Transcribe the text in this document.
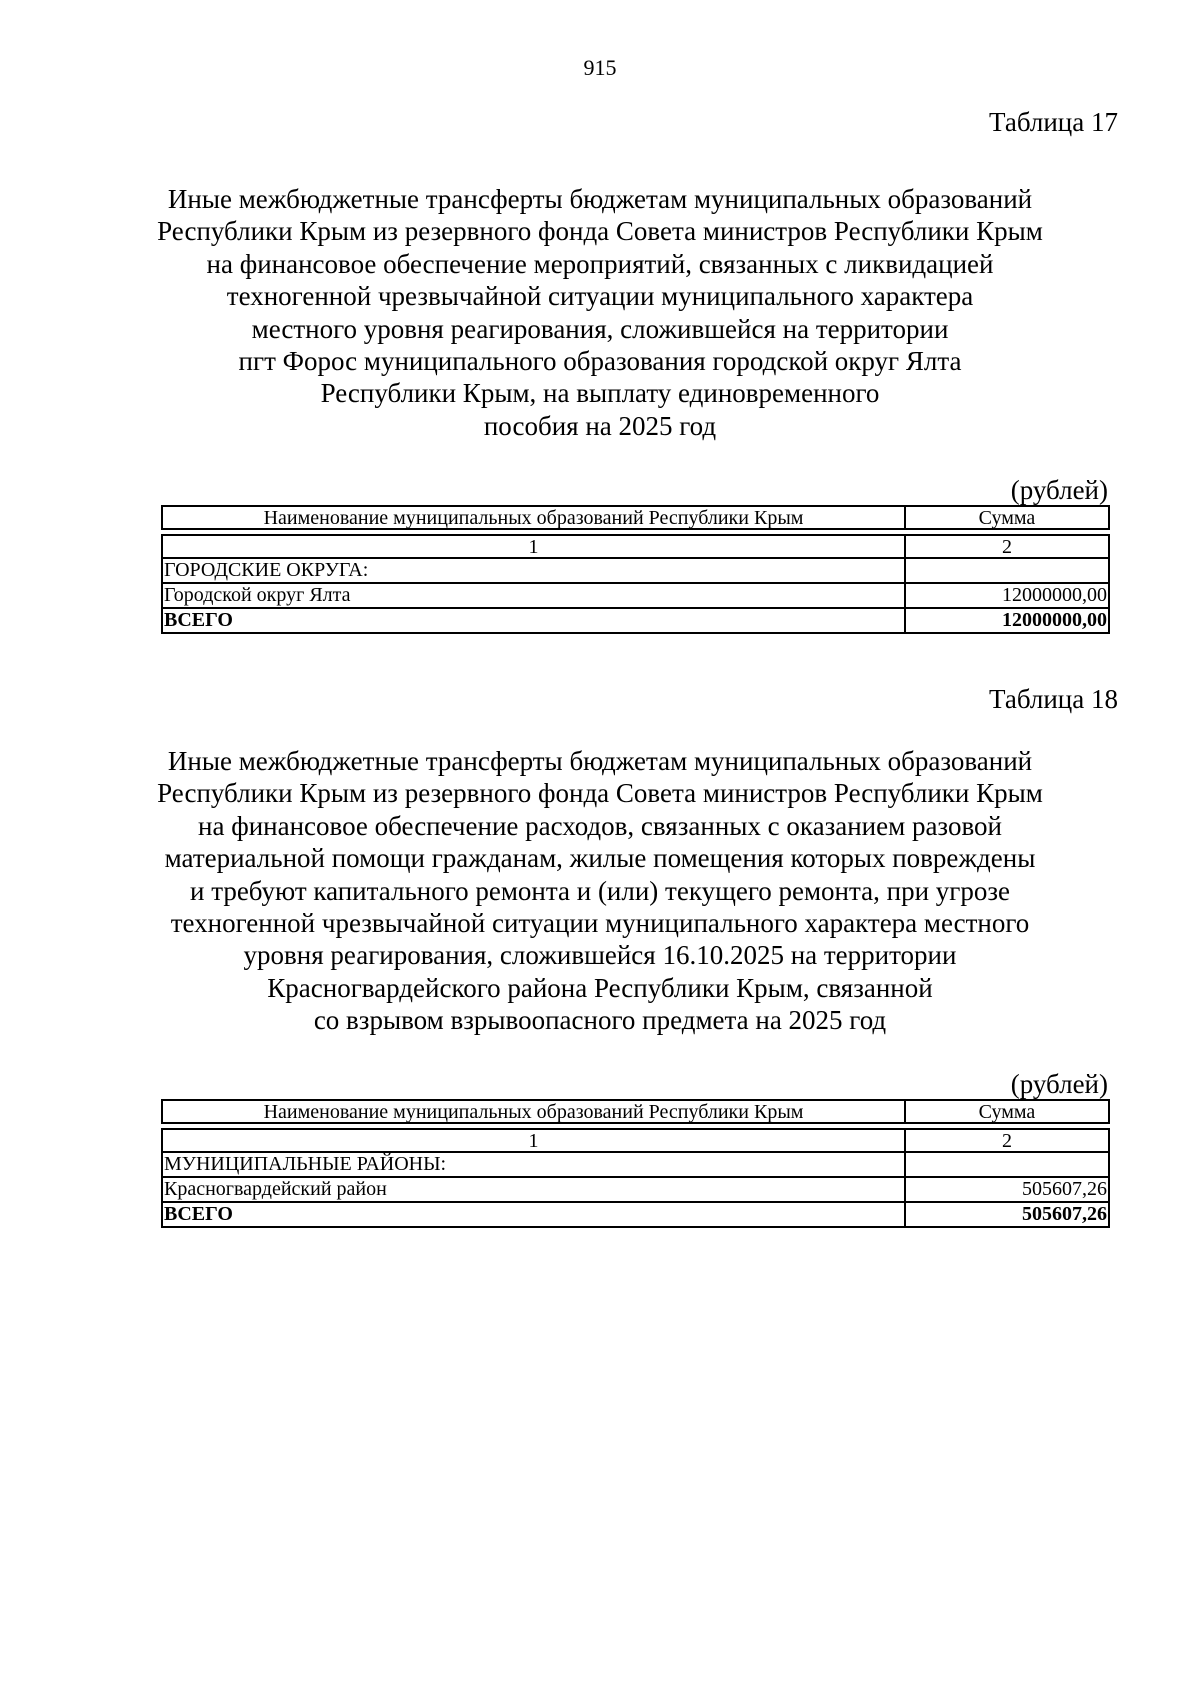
915
Таблица 17
Иные межбюджетные трансферты бюджетам муниципальных образований
Республики Крым из резервного фонда Совета министров Республики Крым
на финансовое обеспечение мероприятий, связанных с ликвидацией
техногенной чрезвычайной ситуации муниципального характера
местного уровня реагирования, сложившейся на территории
пгт Форос муниципального образования городской округ Ялта
Республики Крым, на выплату единовременного
пособия на 2025 год
(рублей)
Наименование муниципальных образований Республики Крым	Сумма
1	2
ГОРОДСКИЕ ОКРУГА:
Городской округ Ялта	12000000,00
ВСЕГО	12000000,00
Таблица 18
Иные межбюджетные трансферты бюджетам муниципальных образований
Республики Крым из резервного фонда Совета министров Республики Крым
на финансовое обеспечение расходов, связанных с оказанием разовой
материальной помощи гражданам, жилые помещения которых повреждены
и требуют капитального ремонта и (или) текущего ремонта, при угрозе
техногенной чрезвычайной ситуации муниципального характера местного
уровня реагирования, сложившейся 16.10.2025 на территории
Красногвардейского района Республики Крым, связанной
со взрывом взрывоопасного предмета на 2025 год
(рублей)
Наименование муниципальных образований Республики Крым	Сумма
1	2
МУНИЦИПАЛЬНЫЕ РАЙОНЫ:
Красногвардейский район	505607,26
ВСЕГО	505607,26
